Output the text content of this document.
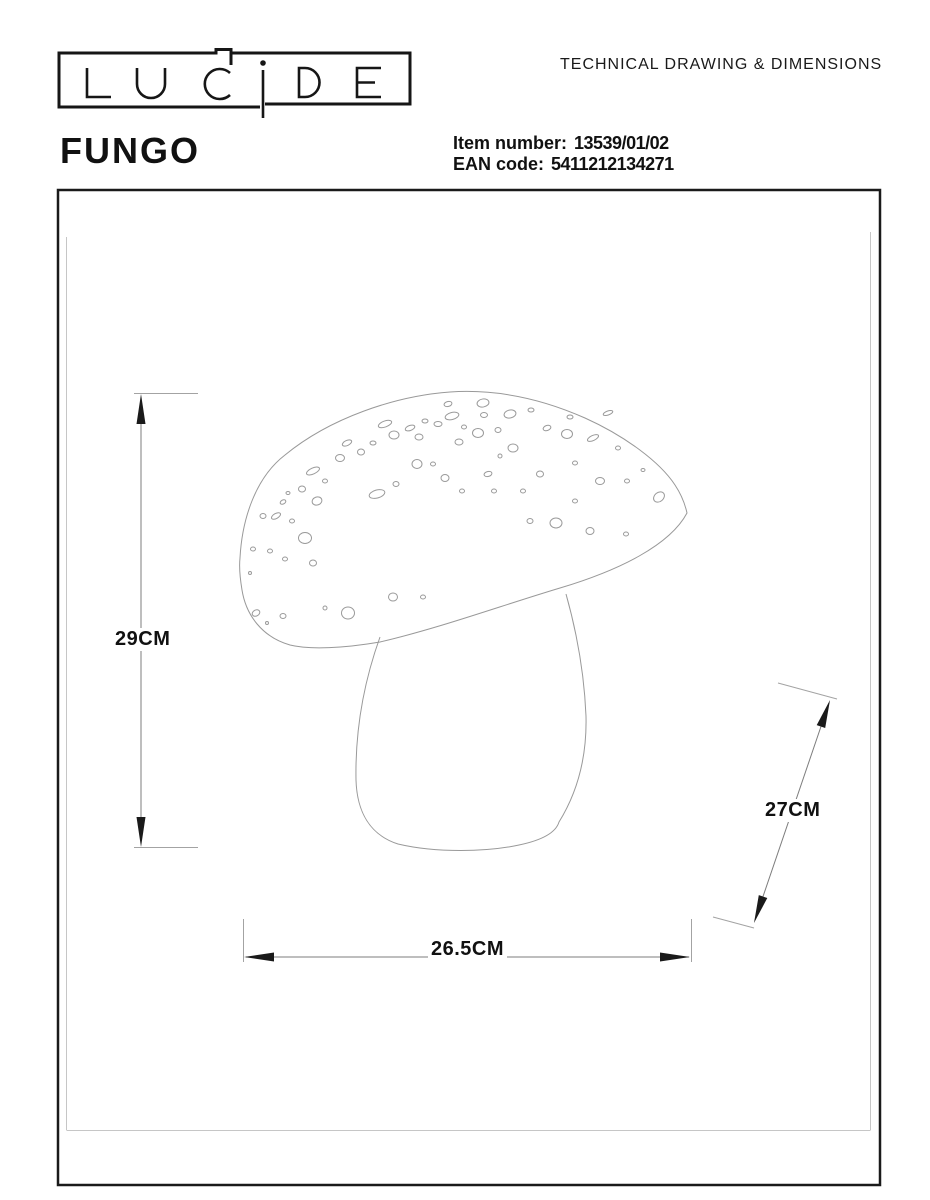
TECHNICAL DRAWING & DIMENSIONS
FUNGO	Item number: 13539/01/02
EAN code: 5411212134271
29CM
27CM
26.5CM
